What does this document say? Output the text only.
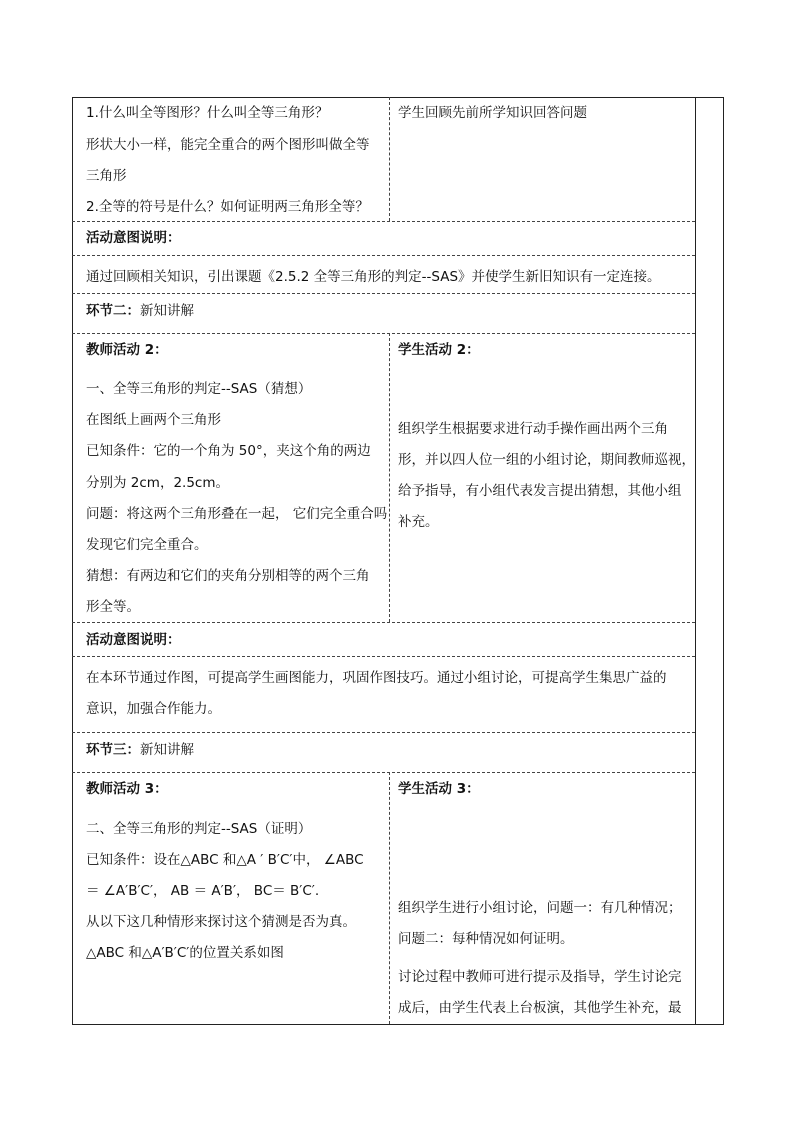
1.什么叫全等图形？什么叫全等三角形？
形状大小一样，能完全重合的两个图形叫做全等
三角形
2.全等的符号是什么？如何证明两三角形全等？
学生回顾先前所学知识回答问题
活动意图说明：
通过回顾相关知识，引出课题《2.5.2 全等三角形的判定--SAS》并使学生新旧知识有一定连接。
环节二：新知讲解
教师活动 2：
一、全等三角形的判定--SAS（猜想）
在图纸上画两个三角形
已知条件：它的一个角为 50°，夹这个角的两边
分别为 2cm，2.5cm。
问题：将这两个三角形叠在一起， 它们完全重合吗
发现它们完全重合。
猜想：有两边和它们的夹角分别相等的两个三角
形全等。
学生活动 2：
组织学生根据要求进行动手操作画出两个三角
形，并以四人位一组的小组讨论，期间教师巡视，
给予指导，有小组代表发言提出猜想，其他小组
补充。
活动意图说明：
在本环节通过作图，可提高学生画图能力，巩固作图技巧。通过小组讨论，可提高学生集思广益的
意识，加强合作能力。
环节三：新知讲解
教师活动 3：
二、全等三角形的判定--SAS（证明）
已知条件：设在△ABC 和△A ′ B′C′中， ∠ABC
＝ ∠A′B′C′， AB ＝ A′B′， BC＝ B′C′.
从以下这几种情形来探讨这个猜测是否为真。
△ABC 和△A′B′C′的位置关系如图
学生活动 3：
组织学生进行小组讨论，问题一：有几种情况；
问题二：每种情况如何证明。
讨论过程中教师可进行提示及指导，学生讨论完
成后，由学生代表上台板演，其他学生补充，最
